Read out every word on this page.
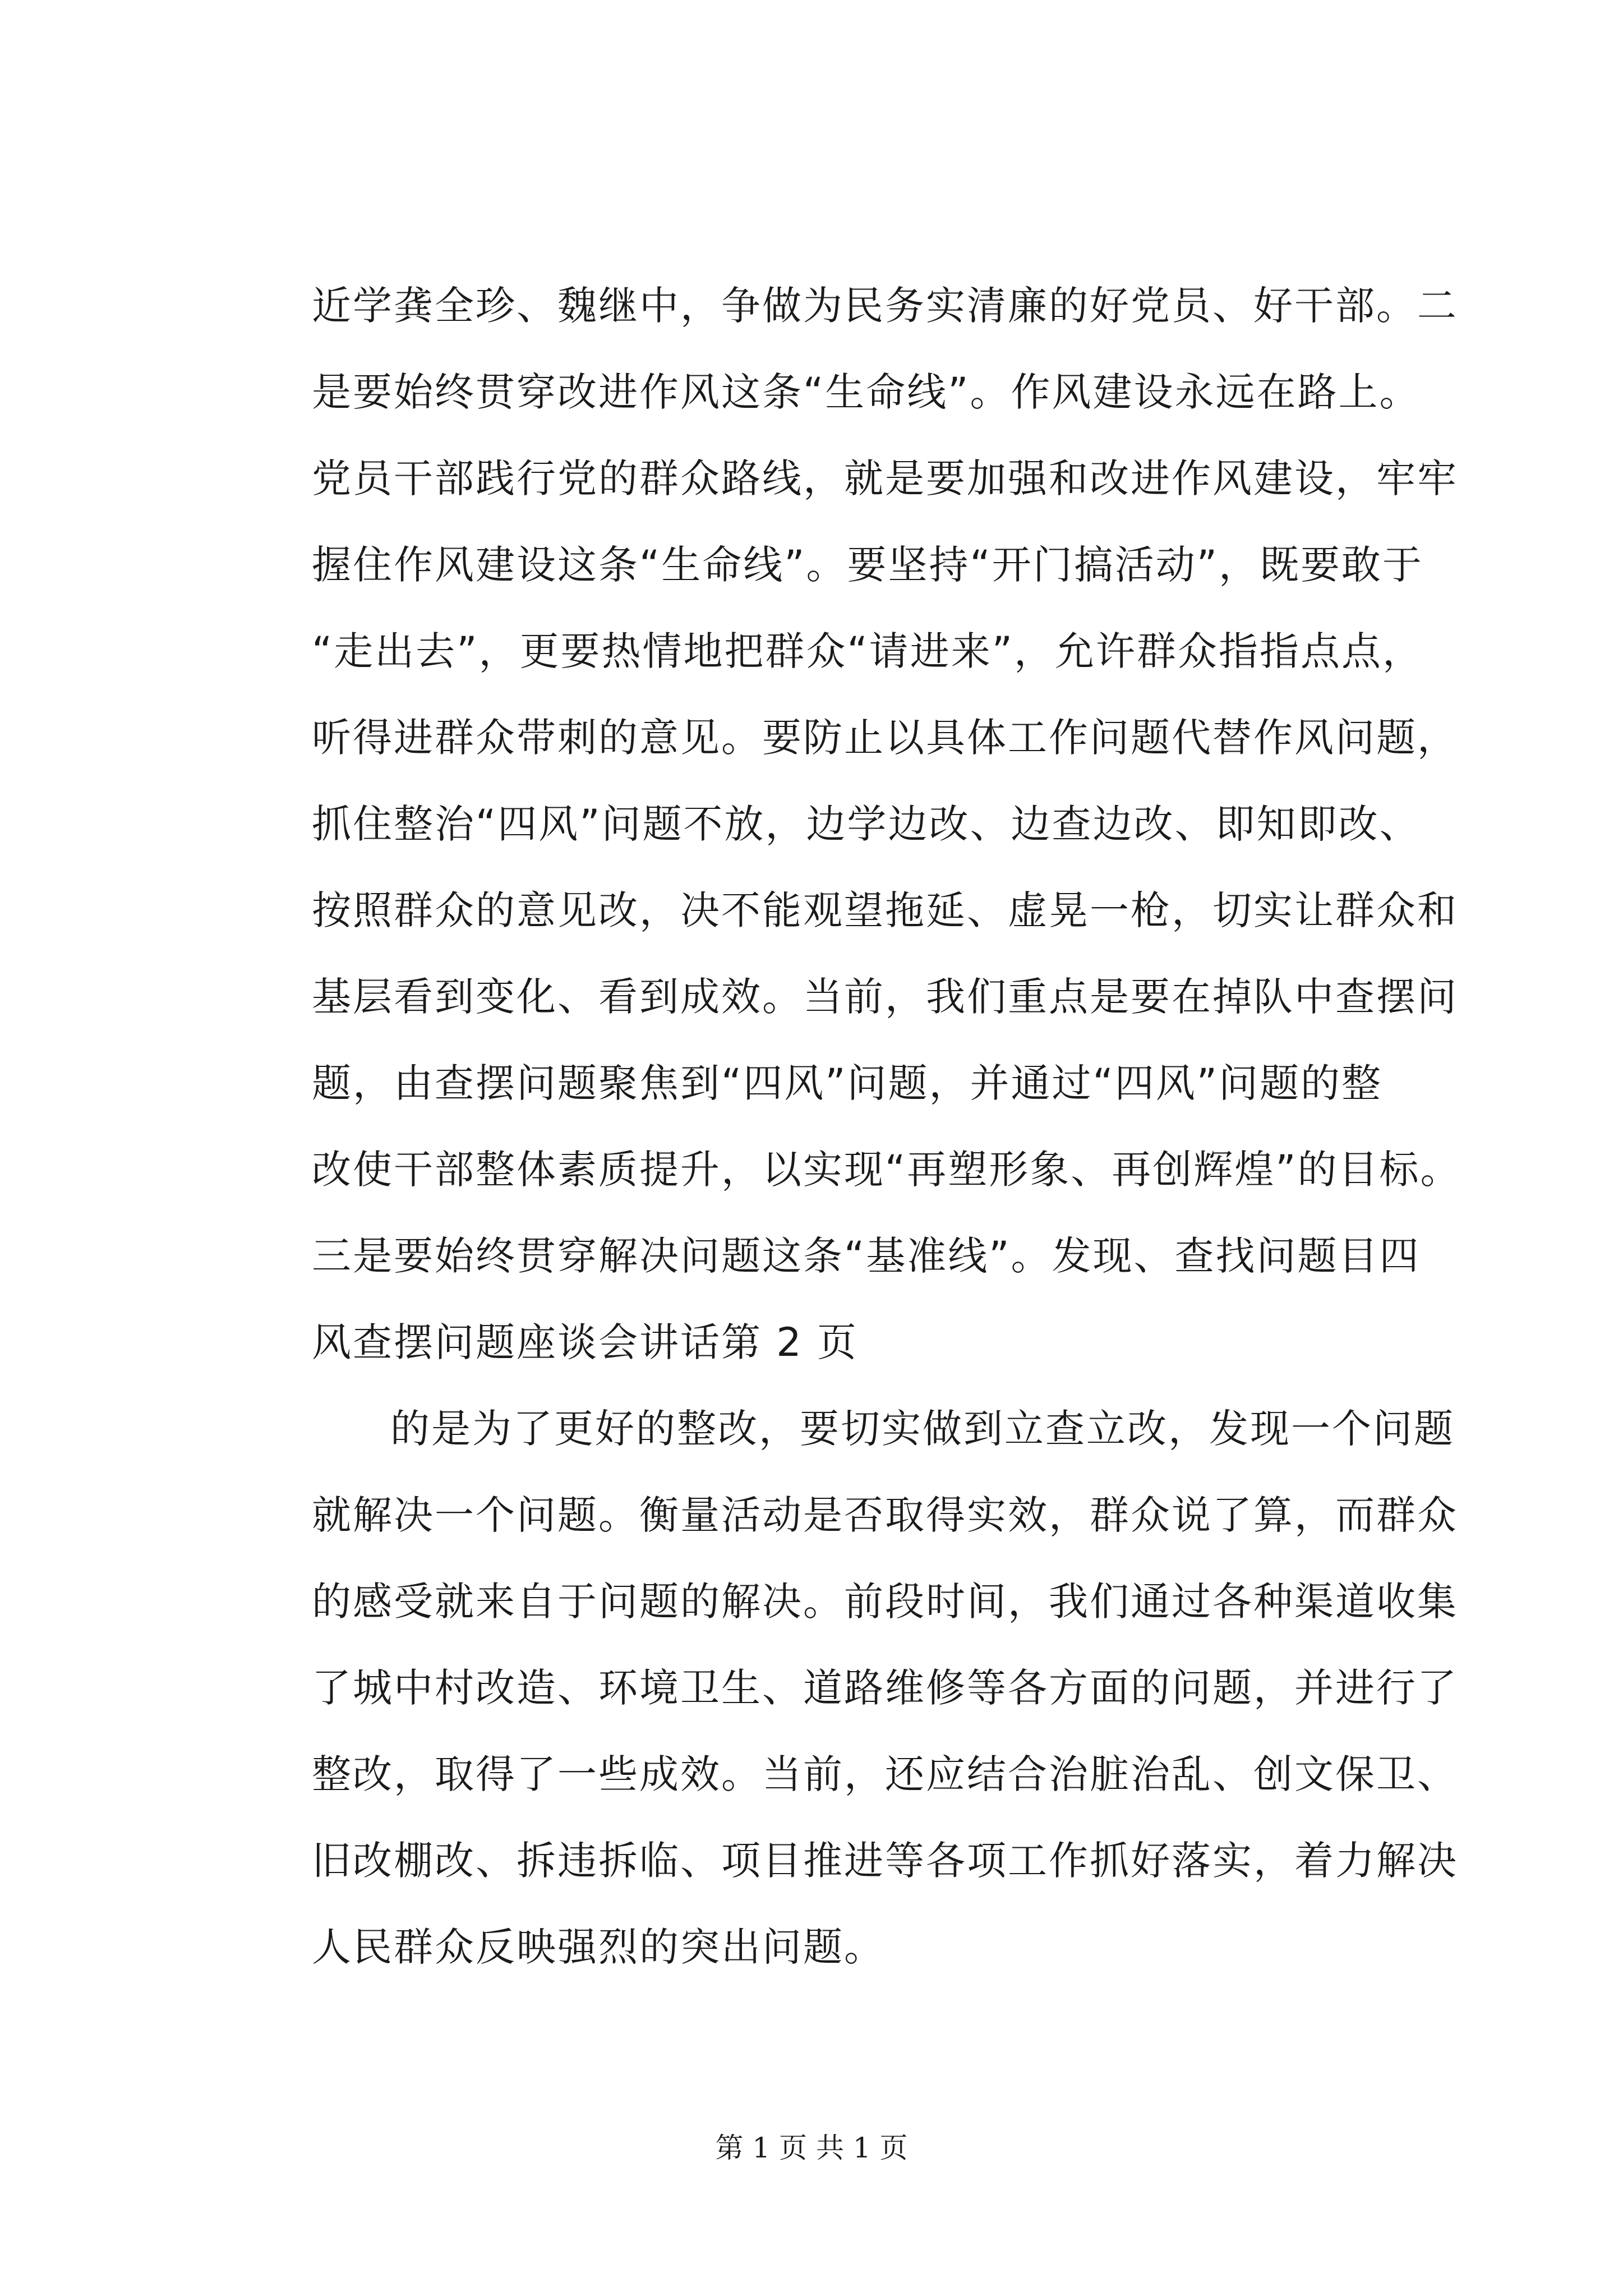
近学龚全珍、魏继中，争做为民务实清廉的好党员、好干部。二
是要始终贯穿改进作风这条“生命线”。作风建设永远在路上。
党员干部践行党的群众路线，就是要加强和改进作风建设，牢牢
握住作风建设这条“生命线”。要坚持“开门搞活动”，既要敢于
“走出去”，更要热情地把群众“请进来”，允许群众指指点点，
听得进群众带刺的意见。要防止以具体工作问题代替作风问题，
抓住整治“四风”问题不放，边学边改、边查边改、即知即改、
按照群众的意见改，决不能观望拖延、虚晃一枪，切实让群众和
基层看到变化、看到成效。当前，我们重点是要在掉队中查摆问
题，由查摆问题聚焦到“四风”问题，并通过“四风”问题的整
改使干部整体素质提升，以实现“再塑形象、再创辉煌”的目标。
三是要始终贯穿解决问题这条“基准线”。发现、查找问题目四
风查摆问题座谈会讲话第 2 页
的是为了更好的整改，要切实做到立查立改，发现一个问题
就解决一个问题。衡量活动是否取得实效，群众说了算，而群众
的感受就来自于问题的解决。前段时间，我们通过各种渠道收集
了城中村改造、环境卫生、道路维修等各方面的问题，并进行了
整改，取得了一些成效。当前，还应结合治脏治乱、创文保卫、
旧改棚改、拆违拆临、项目推进等各项工作抓好落实，着力解决
人民群众反映强烈的突出问题。
第 1 页 共 1 页
